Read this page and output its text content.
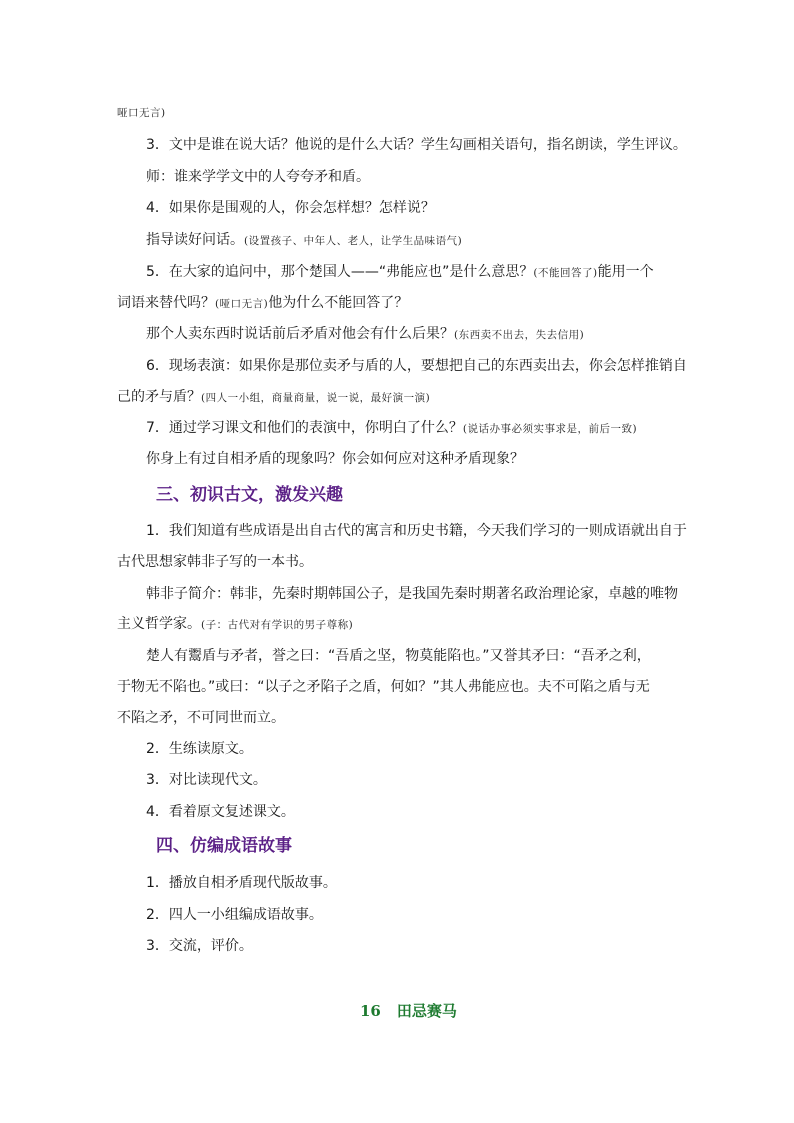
哑口无言)
3．文中是谁在说大话？他说的是什么大话？学生勾画相关语句，指名朗读，学生评议。
师：谁来学学文中的人夸夸矛和盾。
4．如果你是围观的人，你会怎样想？怎样说？
指导读好问话。(设置孩子、中年人、老人，让学生品味语气)
5．在大家的追问中，那个楚国人——“弗能应也”是什么意思？(不能回答了)能用一个
词语来替代吗？(哑口无言)他为什么不能回答了？
那个人卖东西时说话前后矛盾对他会有什么后果？(东西卖不出去，失去信用)
6．现场表演：如果你是那位卖矛与盾的人，要想把自己的东西卖出去，你会怎样推销自
己的矛与盾？(四人一小组，商量商量，说一说，最好演一演)
7．通过学习课文和他们的表演中，你明白了什么？(说话办事必须实事求是，前后一致)
你身上有过自相矛盾的现象吗？你会如何应对这种矛盾现象？
三、初识古文，激发兴趣
1．我们知道有些成语是出自古代的寓言和历史书籍，今天我们学习的一则成语就出自于
古代思想家韩非子写的一本书。
韩非子简介：韩非，先秦时期韩国公子，是我国先秦时期著名政治理论家，卓越的唯物
主义哲学家。(子：古代对有学识的男子尊称)
楚人有鬻盾与矛者，誉之曰：“吾盾之坚，物莫能陷也。”又誉其矛曰：“吾矛之利，
于物无不陷也。”或曰：“以子之矛陷子之盾，何如？”其人弗能应也。夫不可陷之盾与无
不陷之矛，不可同世而立。
2．生练读原文。
3．对比读现代文。
4．看着原文复述课文。
四、仿编成语故事
1．播放自相矛盾现代版故事。
2．四人一小组编成语故事。
3．交流，评价。
16 田忌赛马
